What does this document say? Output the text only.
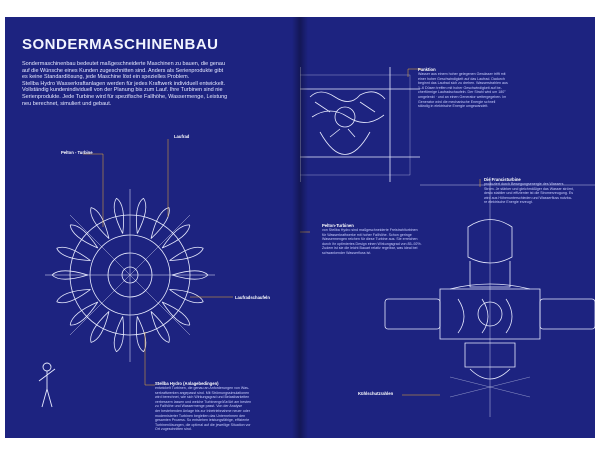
SONDERMASCHINENBAU
Sondermaschinenbau bedeutet maßgeschneiderte Maschinen zu bauen, die genau
auf die Wünsche eines Kunden zugeschnitten sind. Anders als Serienprodukte gibt
es keine Standardlösung, jede Maschine löst ein spezielles Problem.
Stellba Hydro Wasserkraftanlagen werden für jedes Kraftwerk individuell entwickelt.
Vollständig kundenindividuell von der Planung bis zum Lauf. Ihre Turbinen sind nie
Serienprodukte. Jede Turbine wird für spezifische Fallhöhe, Wassermenge, Leistung
neu berechnet, simuliert und gebaut.
Pelton - Turbine
Laufrad
Laufradschaufeln
Stellba Hydro (Anlagebedingen)
entwickelt Turbinen, die genau an Anforderungen von Was-
serkraftwerken angepasst sind. Mit Strömungssimulationen
wird berechnet, wie sich Wirkungsgrad und Belastbarkeiten
verbessern lassen und welche Turbinengröße/Art am besten
zu Fallhöhe und Wassermenge passt. Von der Analyse
der bestehenden Anlage bis zur Inbetriebnahme neuer oder
modernisierter Turbinen begleiten das Unternehmen den
gesamten Prozess. So entstehen leistungsfähige, effiziente
Turbinenlösungen, die optimal auf die jeweilige Situation vor
Ort zugeschnitten sind.
Funktion
Wasser aus einem hoher gelegenen Gewässer trifft mit
einer hoher Geschwindigkeit auf das Laufrad. Dadurch
beginnt das Laufrad sich zu drehen. Wasserstrahlen aus
1–6 Düsen treffen mit hoher Geschwindigkeit auf be-
cherförmige Laufradschaufeln. Der Strahl wird um 180°
umgelenkt · und an einen Generator weitergegeben. Im
Generator wird die mechanische Energie schnell
ständig in elektrische Energie umgewandelt.
Die Francisturbine
produziert durch Bewegungsenergie des Wassers
Strom. Je stärker und gleichmäßiger das Wasser strömt,
desto stabiler und effizienter ist die Stromerzeugung. Es
wird aus Höhenunterschieden und Wasserfluss nutzba-
re elektrische Energie erzeugt.
Pelton-Turbinen
von Stellba Hydro sind maßgeschneiderte Freistrahlturbinen
für Wasserkraftwerke mit hoher Fallhöhe. Schon geringe
Wassermengen reichen für diese Turbine aus. Sie erreichen
durch ihr optimiertes Design einen Wirkungsgrad von 85–92%.
Zudem ist sie die leicht Bauart relativ regelbar, was ideal bei
schwankender Wasserfluss ist.
Kühlschutzrahlen
